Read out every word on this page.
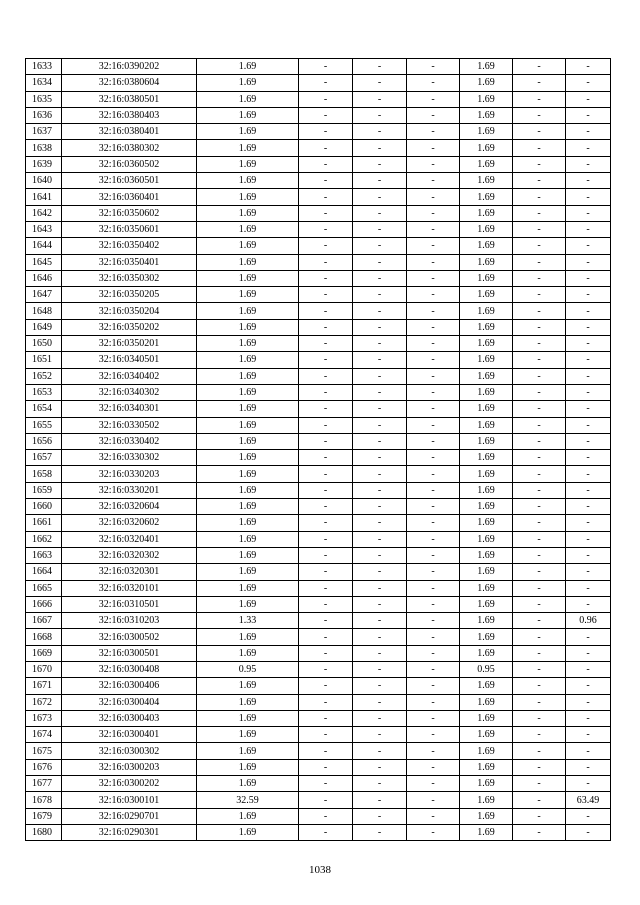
1633	32:16:0390202	1.69	-	-	-	1.69	-	-
1634	32:16:0380604	1.69	-	-	-	1.69	-	-
1635	32:16:0380501	1.69	-	-	-	1.69	-	-
1636	32:16:0380403	1.69	-	-	-	1.69	-	-
1637	32:16:0380401	1.69	-	-	-	1.69	-	-
1638	32:16:0380302	1.69	-	-	-	1.69	-	-
1639	32:16:0360502	1.69	-	-	-	1.69	-	-
1640	32:16:0360501	1.69	-	-	-	1.69	-	-
1641	32:16:0360401	1.69	-	-	-	1.69	-	-
1642	32:16:0350602	1.69	-	-	-	1.69	-	-
1643	32:16:0350601	1.69	-	-	-	1.69	-	-
1644	32:16:0350402	1.69	-	-	-	1.69	-	-
1645	32:16:0350401	1.69	-	-	-	1.69	-	-
1646	32:16:0350302	1.69	-	-	-	1.69	-	-
1647	32:16:0350205	1.69	-	-	-	1.69	-	-
1648	32:16:0350204	1.69	-	-	-	1.69	-	-
1649	32:16:0350202	1.69	-	-	-	1.69	-	-
1650	32:16:0350201	1.69	-	-	-	1.69	-	-
1651	32:16:0340501	1.69	-	-	-	1.69	-	-
1652	32:16:0340402	1.69	-	-	-	1.69	-	-
1653	32:16:0340302	1.69	-	-	-	1.69	-	-
1654	32:16:0340301	1.69	-	-	-	1.69	-	-
1655	32:16:0330502	1.69	-	-	-	1.69	-	-
1656	32:16:0330402	1.69	-	-	-	1.69	-	-
1657	32:16:0330302	1.69	-	-	-	1.69	-	-
1658	32:16:0330203	1.69	-	-	-	1.69	-	-
1659	32:16:0330201	1.69	-	-	-	1.69	-	-
1660	32:16:0320604	1.69	-	-	-	1.69	-	-
1661	32:16:0320602	1.69	-	-	-	1.69	-	-
1662	32:16:0320401	1.69	-	-	-	1.69	-	-
1663	32:16:0320302	1.69	-	-	-	1.69	-	-
1664	32:16:0320301	1.69	-	-	-	1.69	-	-
1665	32:16:0320101	1.69	-	-	-	1.69	-	-
1666	32:16:0310501	1.69	-	-	-	1.69	-	-
1667	32:16:0310203	1.33	-	-	-	1.69	-	0.96
1668	32:16:0300502	1.69	-	-	-	1.69	-	-
1669	32:16:0300501	1.69	-	-	-	1.69	-	-
1670	32:16:0300408	0.95	-	-	-	0.95	-	-
1671	32:16:0300406	1.69	-	-	-	1.69	-	-
1672	32:16:0300404	1.69	-	-	-	1.69	-	-
1673	32:16:0300403	1.69	-	-	-	1.69	-	-
1674	32:16:0300401	1.69	-	-	-	1.69	-	-
1675	32:16:0300302	1.69	-	-	-	1.69	-	-
1676	32:16:0300203	1.69	-	-	-	1.69	-	-
1677	32:16:0300202	1.69	-	-	-	1.69	-	-
1678	32:16:0300101	32.59	-	-	-	1.69	-	63.49
1679	32:16:0290701	1.69	-	-	-	1.69	-	-
1680	32:16:0290301	1.69	-	-	-	1.69	-	-
1038
